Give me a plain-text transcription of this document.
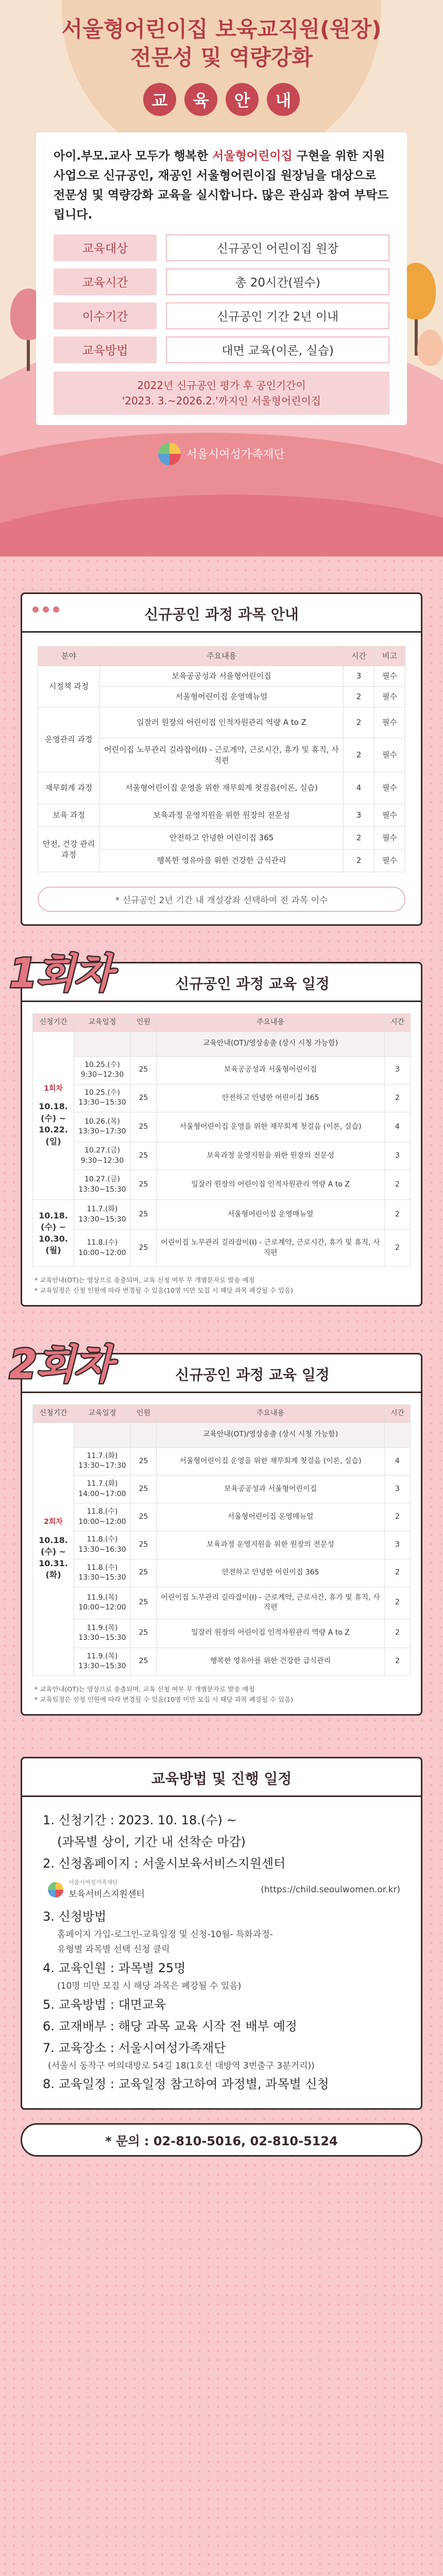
서울형어린이집 보육교직원(원장)
전문성 및 역량강화
교	육	안	내

아이.부모.교사 모두가 행복한 서울형어린이집 구현을 위한 지원사업으로 신규공인, 재공인 서울형어린이집 원장님을 대상으로 전문성 및 역량강화 교육을 실시합니다. 많은 관심과 참여 부탁드립니다.

교육대상	신규공인 어린이집 원장
교육시간	총 20시간(필수)
이수기간	신규공인 기간 2년 이내
교육방법	대면 교육(이론, 실습)
2022년 신규공인 평가 후 공인기간이
'2023. 3.~2026.2.'까지인 서울형어린이집
서울시여성가족재단
신규공인 과정 과목 안내
분야	주요내용	시간	비고
시정책 과정	보육공공성과 서울형어린이집	3	필수
	서울형어린이집 운영매뉴얼	2	필수
운영관리 과정	일잘러 원장의 어린이집 인적자원관리 역량 A to Z	2	필수
	어린이집 노무관리 길라잡이(I) - 근로계약, 근로시간, 휴가 및 휴직, 사직편	2	필수
재무회계 과정	서울형어린이집 운영을 위한 재무회계 첫걸음(이론, 실습)	4	필수
보육 과정	보육과정 운영지원을 위한 원장의 전문성	3	필수
안전, 건강 관리 과정	안전하고 안녕한 어린이집 365	2	필수
	행복한 영유아를 위한 건강한 급식관리	2	필수
* 신규공인 2년 기간 내 개설강좌 선택하여 전 과목 이수
1회차	신규공인 과정 교육 일정
신청기간	교육일정	인원	주요내용	시간

1회차
10.18. (수) ~ 10.22. (일)			교육안내(OT)/영상송출 (상시 시청 가능함)	
	10.25.(수) 9:30~12:30	25	보육공공성과 서울형어린이집	3
	10.25.(수) 13:30~15:30	25	안전하고 안녕한 어린이집 365	2
	10.26.(목) 13:30~17:30	25	서울형어린이집 운영을 위한 재무회계 첫걸음 (이론, 실습)	4
	10.27.(금) 9:30~12:30	25	보육과정 운영지원을 위한 원장의 전문성	3
	10.27.(금) 13:30~15:30	25	일잘러 원장의 어린이집 인적자원관리 역량 A to Z	2

10.18. (수) ~ 10.30. (월)	11.7.(화) 13:30~15:30	25	서울형어린이집 운영매뉴얼	2
	11.8.(수) 10:00~12:00	25	어린이집 노무관리 길라잡이(I) - 근로계약, 근로시간, 휴가 및 휴직, 사직편	2
* 교육안내(OT)는 영상으로 송출되며, 교육 신청 여부 무 개별문자로 발송 예정
* 교육일정은 신청 인원에 따라 변경될 수 있음(10명 미만 모집 시 해당 과목 폐강될 수 있음)
2회차	신규공인 과정 교육 일정
신청기간	교육일정	인원	주요내용	시간

2회차
10.18. (수) ~ 10.31. (화)			교육안내(OT)/영상송출 (상시 시청 가능함)	
	11.7.(화) 13:30~17:30	25	서울형어린이집 운영을 위한 재무회계 첫걸음 (이론, 실습)	4
	11.7.(화) 14:00~17:00	25	보육공공성과 서울형어린이집	3
	11.8.(수) 10:00~12:00	25	서울형어린이집 운영매뉴얼	2
	11.8.(수) 13:30~16:30	25	보육과정 운영지원을 위한 원장의 전문성	3
	11.8.(수) 13:30~15:30	25	안전하고 안녕한 어린이집 365	2
	11.9.(목) 10:00~12:00	25	어린이집 노무관리 길라잡이(I) - 근로계약, 근로시간, 휴가 및 휴직, 사직편	2
	11.9.(목) 13:30~15:30	25	일잘러 원장의 어린이집 인적자원관리 역량 A to Z	2
	11.9.(목) 13:30~15:30	25	행복한 영유아를 위한 건강한 급식관리	2
* 교육안내(OT)는 영상으로 송출되며, 교육 신청 여부 무 개별문자로 발송 예정
* 교육일정은 신청 인원에 따라 변경될 수 있음(10명 미만 모집 시 해당 과목 폐강될 수 있음)
교육방법 및 진행 일정
1. 신청기간 : 2023. 10. 18.(수) ~
(과목별 상이, 기간 내 선착순 마감)
2. 신청홈페이지 : 서울시보육서비스지원센터
서울시여성가족재단
보육서비스지원센터	(https://child.seoulwomen.or.kr)
3. 신청방법
홈페이지 가입-로그인-교육일정 및 신청-10월- 특화과정-
유형별 과목별 선택 신청 클릭
4. 교육인원 : 과목별 25명
(10명 미만 모집 시 해당 과목은 폐강될 수 있음)
5. 교육방법 : 대면교육
6. 교재배부 : 해당 과목 교육 시작 전 배부 예정
7. 교육장소 : 서울시여성가족재단
(서울시 동작구 여의대방로 54길 18(1호선 대방역 3번출구 3분거리))
8. 교육일정 : 교육일정 참고하여 과정별, 과목별 신청
* 문의 : 02-810-5016, 02-810-5124
